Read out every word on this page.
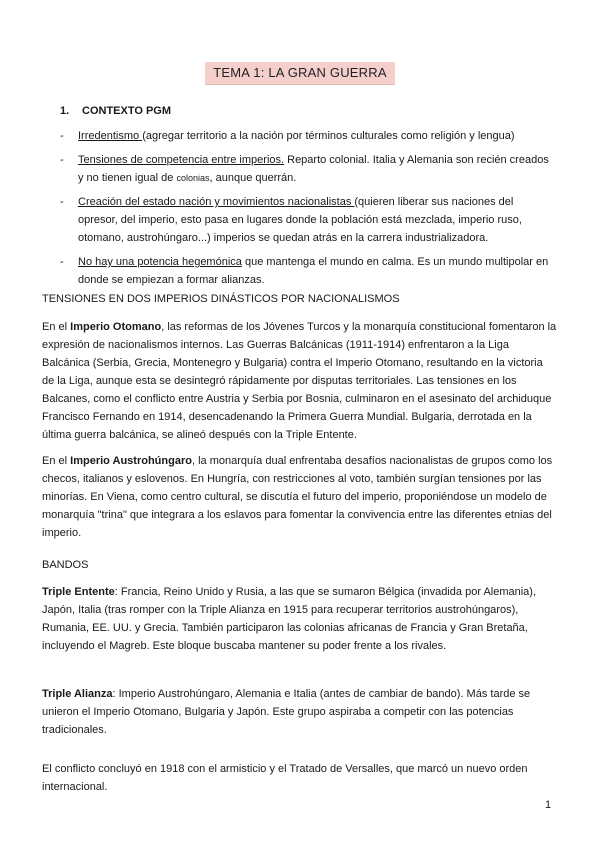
TEMA 1: LA GRAN GUERRA
1. CONTEXTO PGM
-	Irredentismo (agregar territorio a la nación por términos culturales como religión y lengua)
-	Tensiones de competencia entre imperios. Reparto colonial. Italia y Alemania son recién creados y no tienen igual de colonias, aunque querrán.
-	Creación del estado nación y movimientos nacionalistas (quieren liberar sus naciones del opresor, del imperio, esto pasa en lugares donde la población está mezclada, imperio ruso, otomano, austrohúngaro...) imperios se quedan atrás en la carrera industrializadora.
-	No hay una potencia hegemónica que mantenga el mundo en calma. Es un mundo multipolar en donde se empiezan a formar alianzas.
TENSIONES EN DOS IMPERIOS DINÁSTICOS POR NACIONALISMOS

En el Imperio Otomano, las reformas de los Jóvenes Turcos y la monarquía constitucional fomentaron la expresión de nacionalismos internos. Las Guerras Balcánicas (1911-1914) enfrentaron a la Liga Balcánica (Serbia, Grecia, Montenegro y Bulgaria) contra el Imperio Otomano, resultando en la victoria de la Liga, aunque esta se desintegró rápidamente por disputas territoriales. Las tensiones en los Balcanes, como el conflicto entre Austria y Serbia por Bosnia, culminaron en el asesinato del archiduque Francisco Fernando en 1914, desencadenando la Primera Guerra Mundial. Bulgaria, derrotada en la última guerra balcánica, se alineó después con la Triple Entente.

En el Imperio Austrohúngaro, la monarquía dual enfrentaba desafíos nacionalistas de grupos como los checos, italianos y eslovenos. En Hungría, con restricciones al voto, también surgían tensiones por las minorías. En Viena, como centro cultural, se discutía el futuro del imperio, proponiéndose un modelo de monarquía "trina" que integrara a los eslavos para fomentar la convivencia entre las diferentes etnias del imperio.

BANDOS

Triple Entente: Francia, Reino Unido y Rusia, a las que se sumaron Bélgica (invadida por Alemania), Japón, Italia (tras romper con la Triple Alianza en 1915 para recuperar territorios austrohúngaros), Rumania, EE. UU. y Grecia. También participaron las colonias africanas de Francia y Gran Bretaña, incluyendo el Magreb. Este bloque buscaba mantener su poder frente a los rivales.

Triple Alianza: Imperio Austrohúngaro, Alemania e Italia (antes de cambiar de bando). Más tarde se unieron el Imperio Otomano, Bulgaria y Japón. Este grupo aspiraba a competir con las potencias tradicionales.

El conflicto concluyó en 1918 con el armisticio y el Tratado de Versalles, que marcó un nuevo orden internacional.

1
